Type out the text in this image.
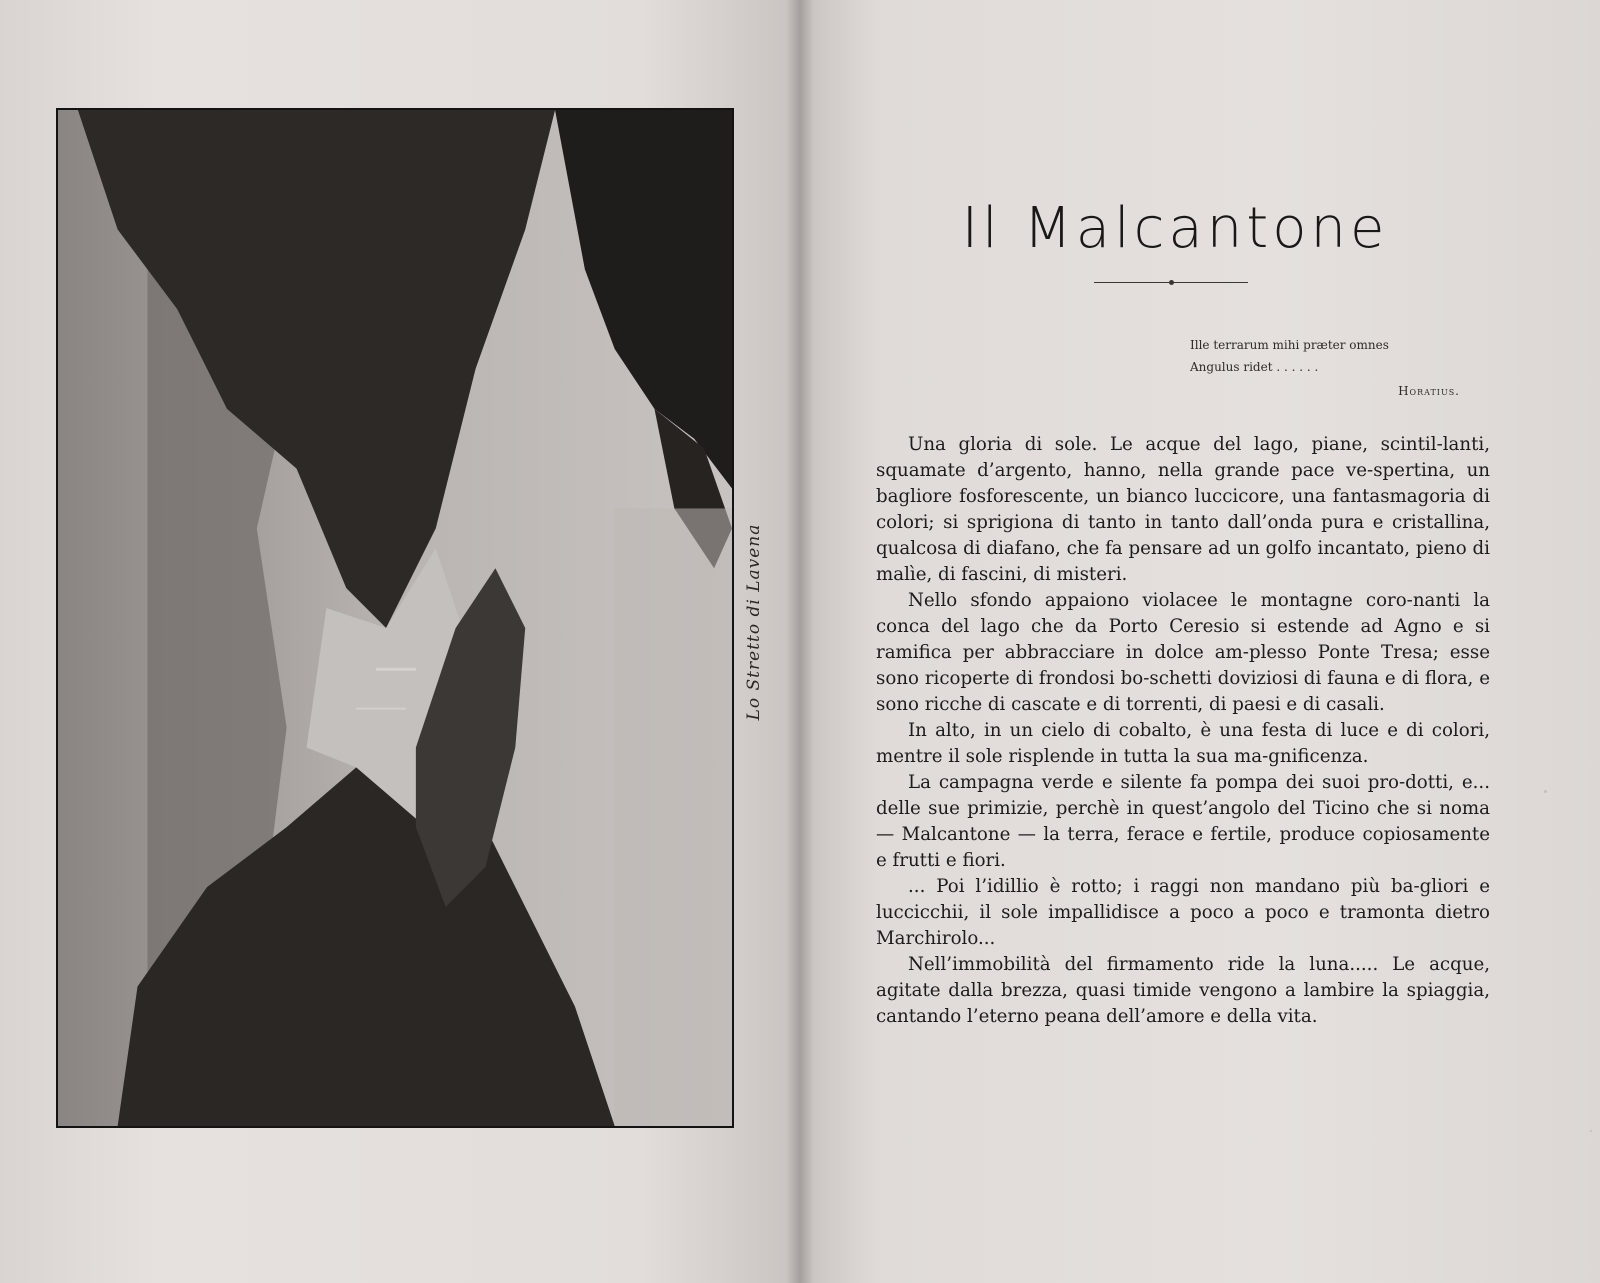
Lo Stretto di Lavena
Il Malcantone
Ille terrarum mihi præter omnes
Angulus ridet . . . . . .
Horatius.

Una gloria di sole. Le acque del lago, piane, scintil-lanti, squamate d’argento, hanno, nella grande pace ve-spertina, un bagliore fosforescente, un bianco luccicore, una fantasmagoria di colori; si sprigiona di tanto in tanto dall’onda pura e cristallina, qualcosa di diafano, che fa pensare ad un golfo incantato, pieno di malìe, di fascini, di misteri.

Nello sfondo appaiono violacee le montagne coro-nanti la conca del lago che da Porto Ceresio si estende ad Agno e si ramifica per abbracciare in dolce am-plesso Ponte Tresa; esse sono ricoperte di frondosi bo-schetti doviziosi di fauna e di flora, e sono ricche di cascate e di torrenti, di paesi e di casali.

In alto, in un cielo di cobalto, è una festa di luce e di colori, mentre il sole risplende in tutta la sua ma-gnificenza.

La campagna verde e silente fa pompa dei suoi pro-dotti, e... delle sue primizie, perchè in quest’angolo del Ticino che si noma — Malcantone — la terra, ferace e fertile, produce copiosamente e frutti e fiori.

... Poi l’idillio è rotto; i raggi non mandano più ba-gliori e luccicchii, il sole impallidisce a poco a poco e tramonta dietro Marchirolo...

Nell’immobilità del firmamento ride la luna..... Le acque, agitate dalla brezza, quasi timide vengono a lambire la spiaggia, cantando l’eterno peana dell’amore e della vita.
